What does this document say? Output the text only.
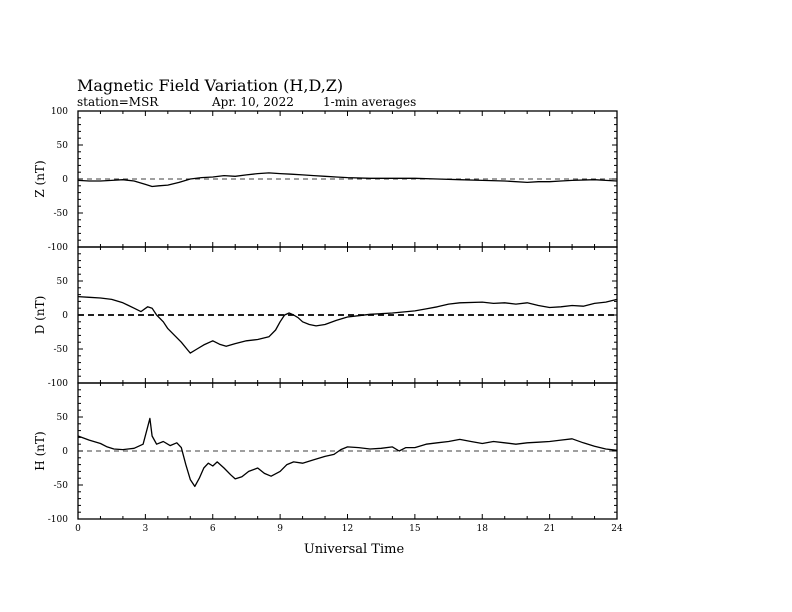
Magnetic Field Variation (H,D,Z)
station=MSR	Apr. 10, 2022 1-min averages
Universal Time
-100
-50
0
50
100
Z (nT)
-100
-50
0
50
D (nT)
-100
-50
0
50
H (nT)
0	3	6	9	12	15	18	21	24
